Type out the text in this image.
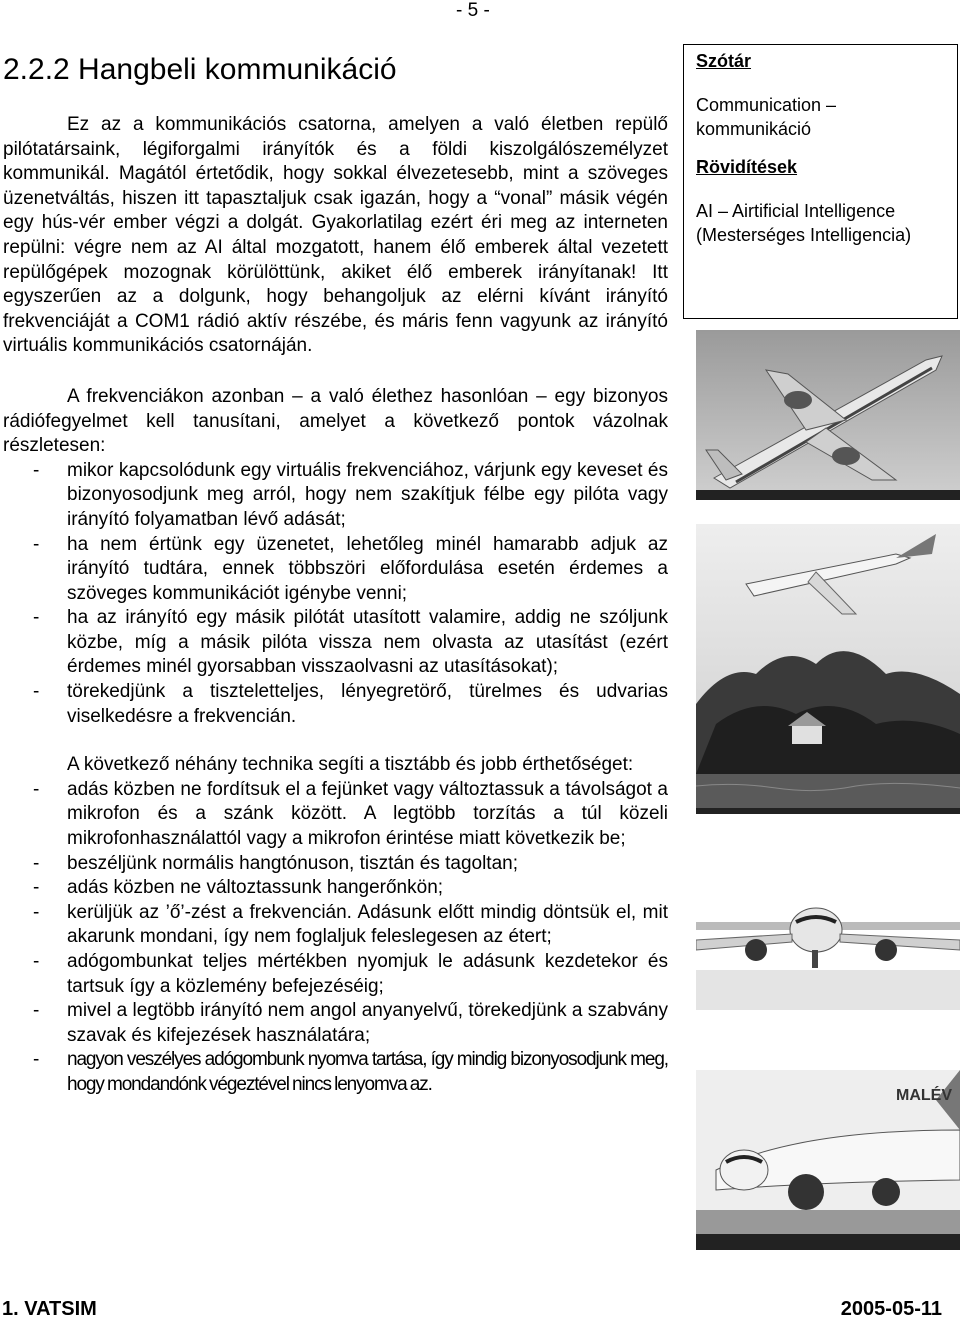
- 5 -
2.2.2 Hangbeli kommunikáció

Ez az a kommunikációs csatorna, amelyen a való életben repülő pilótatársaink, légiforgalmi irányítók és a földi kiszolgálószemélyzet kommunikál. Magától értetődik, hogy sokkal élvezetesebb, mint a szöveges üzenetváltás, hiszen itt tapasztaljuk csak igazán, hogy a “vonal” másik végén egy hús-vér ember végzi a dolgát. Gyakorlatilag ezért éri meg az interneten repülni: végre nem az AI által mozgatott, hanem élő emberek által vezetett repülőgépek mozognak körülöttünk, akiket élő emberek irányítanak! Itt egyszerűen az a dolgunk, hogy behangoljuk az elérni kívánt irányító frekvenciáját a COM1 rádió aktív részébe, és máris fenn vagyunk az irányító virtuális kommunikációs csatornáján.

A frekvenciákon azonban – a való élethez hasonlóan – egy bizonyos rádiófegyelmet kell tanusítani, amelyet a következő pontok vázolnak részletesen:

- mikor kapcsolódunk egy virtuális frekvenciához, várjunk egy keveset és bizonyosodjunk meg arról, hogy nem szakítjuk félbe egy pilóta vagy irányító folyamatban lévő adását;
- ha nem értünk egy üzenetet, lehetőleg minél hamarabb adjuk az irányító tudtára, ennek többszöri előfordulása esetén érdemes a szöveges kommunikációt igénybe venni;
- ha az irányító egy másik pilótát utasított valamire, addig ne szóljunk közbe, míg a másik pilóta vissza nem olvasta az utasítást (ezért érdemes minél gyorsabban visszaolvasni az utasításokat);
- törekedjünk a tiszteletteljes, lényegretörő, türelmes és udvarias viselkedésre a frekvencián.

A következő néhány technika segíti a tisztább és jobb érthetőséget:

- adás közben ne fordítsuk el a fejünket vagy változtassuk a távolságot a mikrofon és a szánk között. A legtöbb torzítás a túl közeli mikrofonhasználattól vagy a mikrofon érintése miatt következik be;
- beszéljünk normális hangtónuson, tisztán és tagoltan;
- adás közben ne változtassunk hangerőnkön;
- kerüljük az ’ő’-zést a frekvencián. Adásunk előtt mindig döntsük el, mit akarunk mondani, így nem foglaljuk feleslegesen az étert;
- adógombunkat teljes mértékben nyomjuk le adásunk kezdetekor és tartsuk így a közlemény befejezéséig;
- mivel a legtöbb irányító nem angol anyanyelvű, törekedjünk a szabvány szavak és kifejezések használatára;
- nagyon veszélyes adógombunk nyomva tartása, így mindig bizonyosodjunk meg, hogy mondandónk végeztével nincs lenyomva az.

Szótár

Communication – kommunikáció

Rövidítések

AI – Airtificial Intelligence (Mesterséges Intelligencia)

MALÉV
1. VATSIM	2005-05-11
